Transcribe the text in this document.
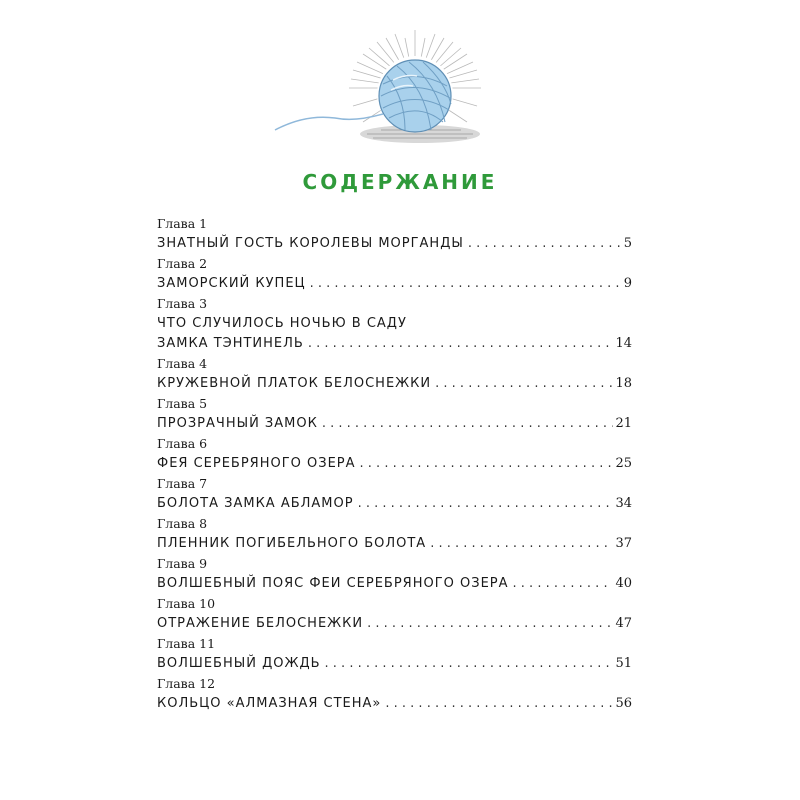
СОДЕРЖАНИЕ
Глава 1
ЗНАТНЫЙ ГОСТЬ КОРОЛЕВЫ МОРГАНДЫ . . .	5
Глава 2
ЗАМОРСКИЙ КУПЕЦ . . .	9
Глава 3
ЧТО СЛУЧИЛОСЬ НОЧЬЮ В САДУ
ЗАМКА ТЭНТИНЕЛЬ . . .	14
Глава 4
КРУЖЕВНОЙ ПЛАТОК БЕЛОСНЕЖКИ . . .	18
Глава 5
ПРОЗРАЧНЫЙ ЗАМОК . . .	21
Глава 6
ФЕЯ СЕРЕБРЯНОГО ОЗЕРА . . .	25
Глава 7
БОЛОТА ЗАМКА АБЛАМОР . . .	34
Глава 8
ПЛЕННИК ПОГИБЕЛЬНОГО БОЛОТА . . .	37
Глава 9
ВОЛШЕБНЫЙ ПОЯС ФЕИ СЕРЕБРЯНОГО ОЗЕРА . . .	40
Глава 10
ОТРАЖЕНИЕ БЕЛОСНЕЖКИ . . .	47
Глава 11
ВОЛШЕБНЫЙ ДОЖДЬ . . .	51
Глава 12
КОЛЬЦО «АЛМАЗНАЯ СТЕНА» . . .	56
